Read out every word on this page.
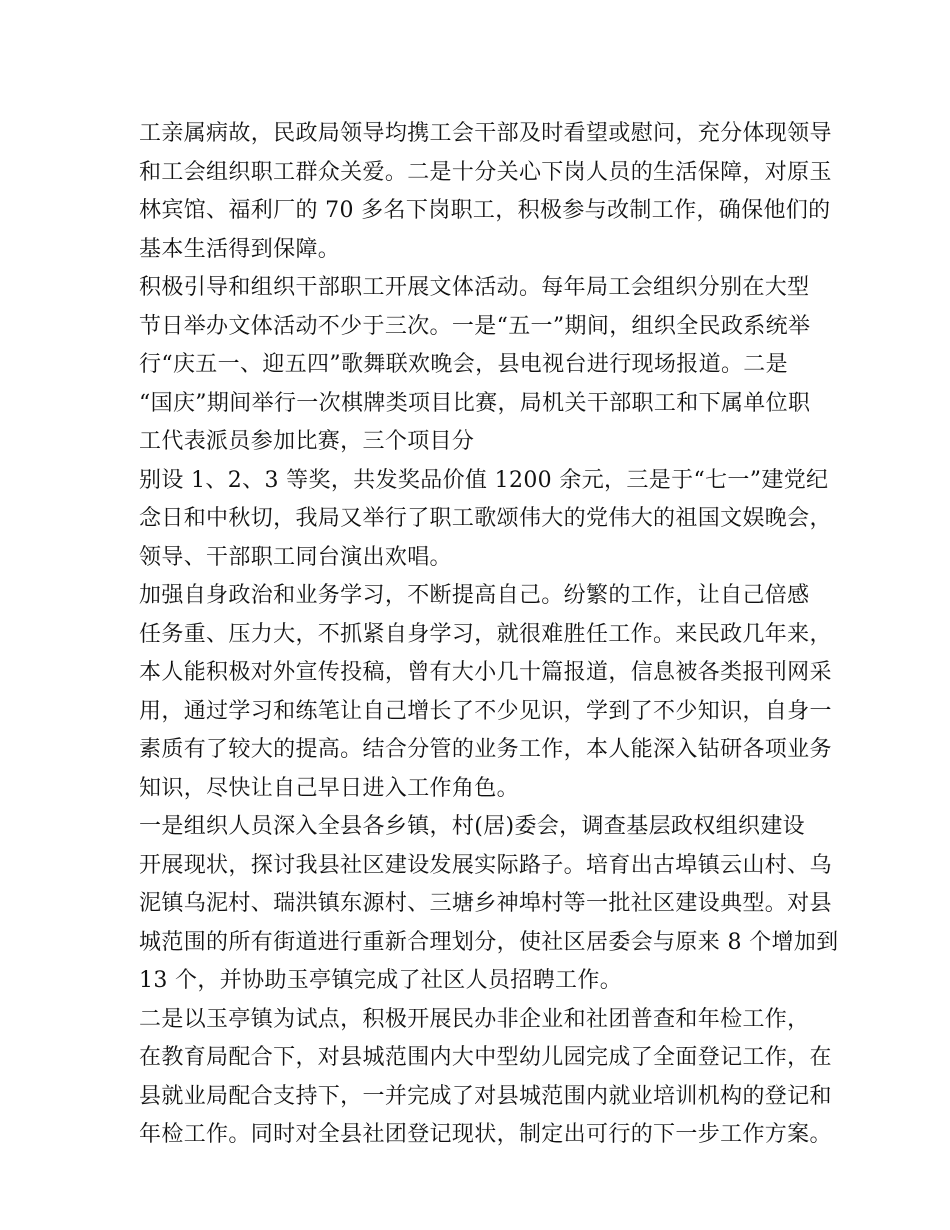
工亲属病故，民政局领导均携工会干部及时看望或慰问，充分体现领导
和工会组织职工群众关爱。二是十分关心下岗人员的生活保障，对原玉
林宾馆、福利厂的 70 多名下岗职工，积极参与改制工作，确保他们的
基本生活得到保障。
积极引导和组织干部职工开展文体活动。每年局工会组织分别在大型
节日举办文体活动不少于三次。一是“五一”期间，组织全民政系统举
行“庆五一、迎五四”歌舞联欢晚会，县电视台进行现场报道。二是
“国庆”期间举行一次棋牌类项目比赛，局机关干部职工和下属单位职
工代表派员参加比赛，三个项目分
别设 1、2、3 等奖，共发奖品价值 1200 余元，三是于“七一”建党纪
念日和中秋切，我局又举行了职工歌颂伟大的党伟大的祖国文娱晚会，
领导、干部职工同台演出欢唱。
加强自身政治和业务学习，不断提高自己。纷繁的工作，让自己倍感
任务重、压力大，不抓紧自身学习，就很难胜任工作。来民政几年来，
本人能积极对外宣传投稿，曾有大小几十篇报道，信息被各类报刊网采
用，通过学习和练笔让自己增长了不少见识，学到了不少知识，自身一
素质有了较大的提高。结合分管的业务工作，本人能深入钻研各项业务
知识，尽快让自己早日进入工作角色。
一是组织人员深入全县各乡镇，村(居)委会，调查基层政权组织建设
开展现状，探讨我县社区建设发展实际路子。培育出古埠镇云山村、乌
泥镇乌泥村、瑞洪镇东源村、三塘乡神埠村等一批社区建设典型。对县
城范围的所有街道进行重新合理划分，使社区居委会与原来 8 个增加到
13 个，并协助玉亭镇完成了社区人员招聘工作。
二是以玉亭镇为试点，积极开展民办非企业和社团普查和年检工作，
在教育局配合下，对县城范围内大中型幼儿园完成了全面登记工作，在
县就业局配合支持下，一并完成了对县城范围内就业培训机构的登记和
年检工作。同时对全县社团登记现状，制定出可行的下一步工作方案。
